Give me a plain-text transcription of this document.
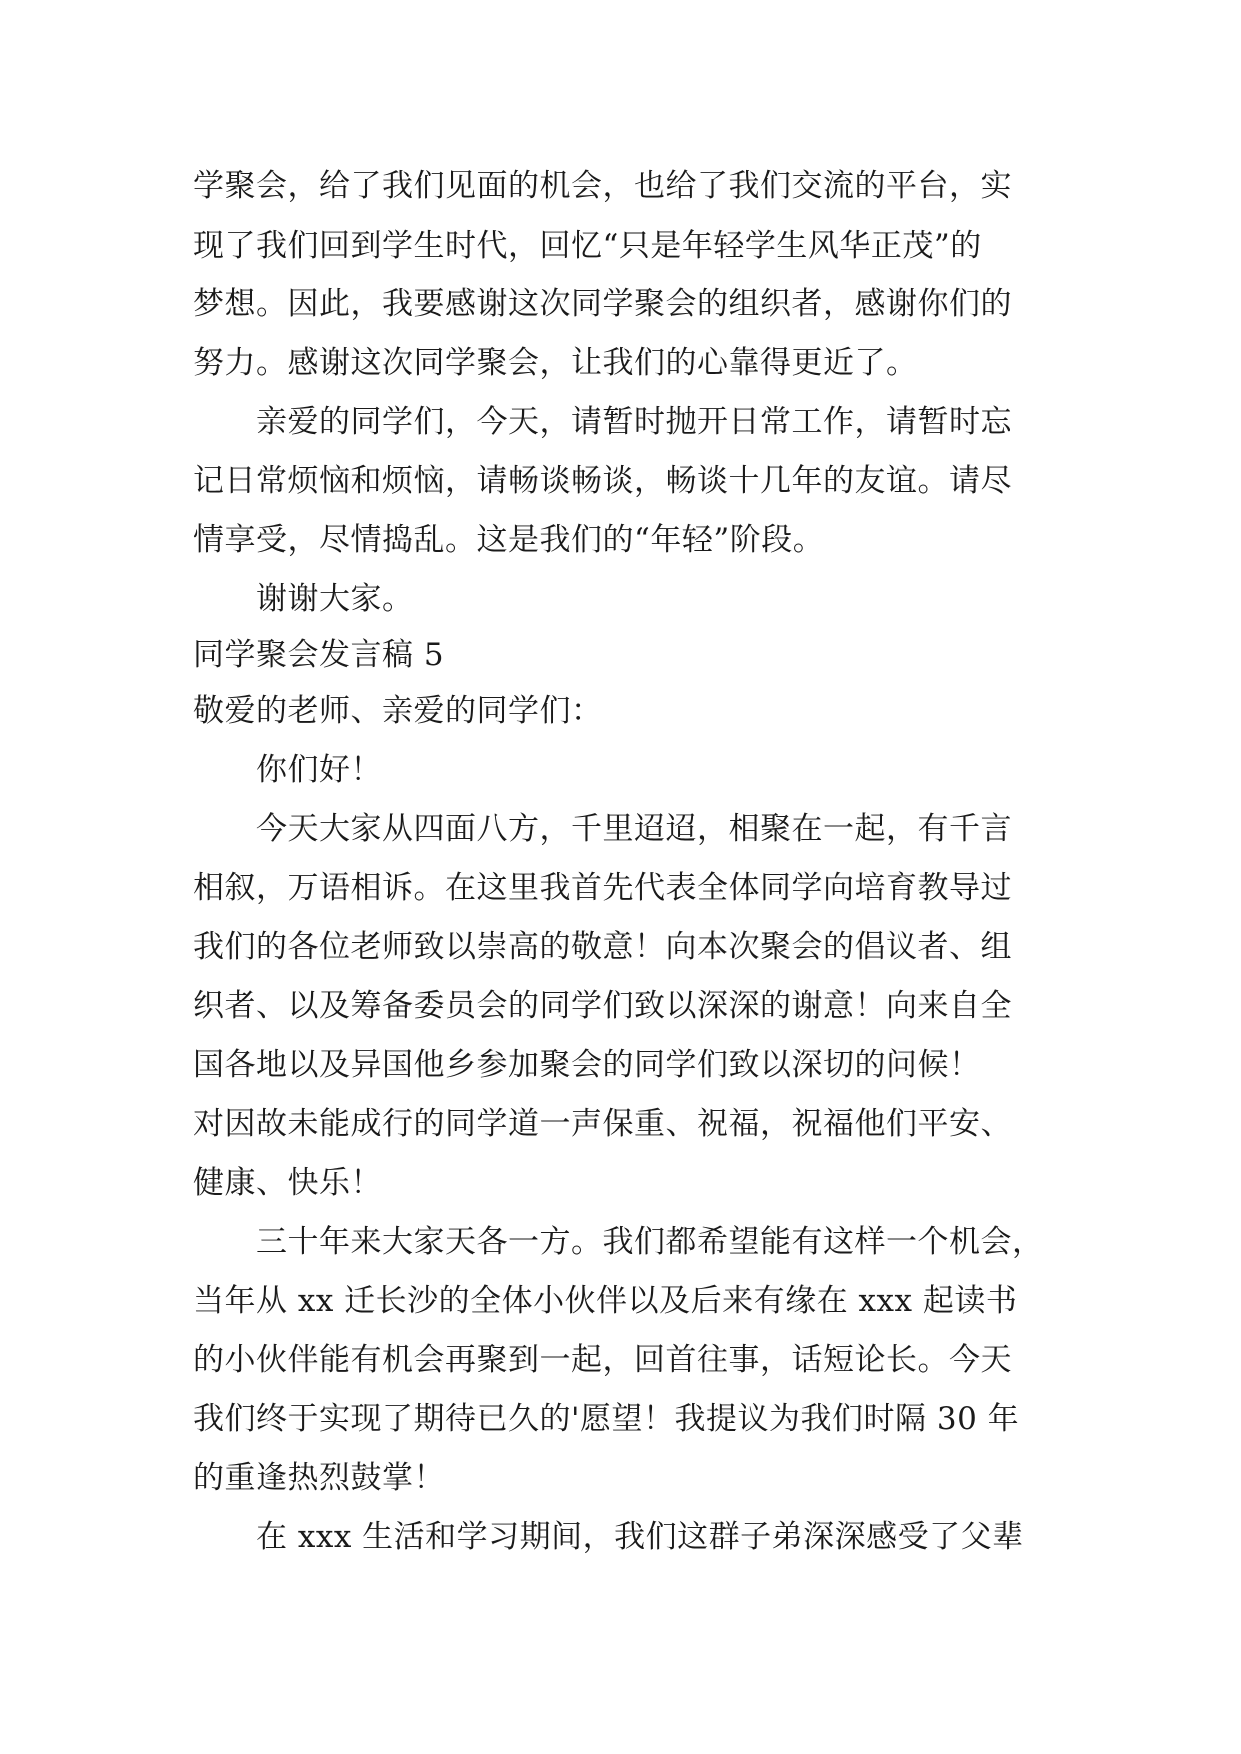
学聚会，给了我们见面的机会，也给了我们交流的平台，实
现了我们回到学生时代，回忆“只是年轻学生风华正茂”的
梦想。因此，我要感谢这次同学聚会的组织者，感谢你们的
努力。感谢这次同学聚会，让我们的心靠得更近了。
亲爱的同学们，今天，请暂时抛开日常工作，请暂时忘
记日常烦恼和烦恼，请畅谈畅谈，畅谈十几年的友谊。请尽
情享受，尽情捣乱。这是我们的“年轻”阶段。
谢谢大家。
同学聚会发言稿 5
敬爱的老师、亲爱的同学们：
你们好！
今天大家从四面八方，千里迢迢，相聚在一起，有千言
相叙，万语相诉。在这里我首先代表全体同学向培育教导过
我们的各位老师致以崇高的敬意！向本次聚会的倡议者、组
织者、以及筹备委员会的同学们致以深深的谢意！向来自全
国各地以及异国他乡参加聚会的同学们致以深切的问候！
对因故未能成行的同学道一声保重、祝福，祝福他们平安、
健康、快乐！
三十年来大家天各一方。我们都希望能有这样一个机会，
当年从 xx 迁长沙的全体小伙伴以及后来有缘在 xxx 起读书
的小伙伴能有机会再聚到一起，回首往事，话短论长。今天
我们终于实现了期待已久的'愿望！我提议为我们时隔 30 年
的重逢热烈鼓掌！
在 xxx 生活和学习期间，我们这群子弟深深感受了父辈
